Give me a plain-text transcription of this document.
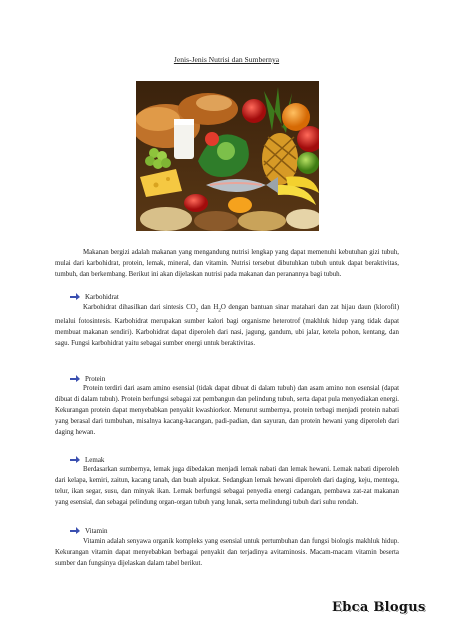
Jenis-Jenis Nutrisi dan Sumbernya
Makanan bergizi adalah makanan yang mengandung nutrisi lengkap yang dapat memenuhi kebutuhan gizi tubuh, mulai dari karbohidrat, protein, lemak, mineral, dan vitamin. Nutrisi tersebut dibutuhkan tubuh untuk dapat beraktivitas, tumbuh, dan berkembang. Berikut ini akan dijelaskan nutrisi pada makanan dan peranannya bagi tubuh.
Karbohidrat
Karbohidrat dihasilkan dari sintesis $CO_2$ dan $H_2O$ dengan bantuan sinar matahari dan zat hijau daun (klorofil) melalui fotosintesis. Karbohidrat merupakan sumber kalori bagi organisme heterotrof (makhluk hidup yang tidak dapat membuat makanan sendiri). Karbohidrat dapat diperoleh dari nasi, jagung, gandum, ubi jalar, ketela pohon, kentang, dan sagu. Fungsi karbohidrat yaitu sebagai sumber energi untuk beraktivitas.
Protein
Protein terdiri dari asam amino esensial (tidak dapat dibuat di dalam tubuh) dan asam amino non esensial (dapat dibuat di dalam tubuh). Protein berfungsi sebagai zat pembangun dan pelindung tubuh, serta dapat pula menyediakan energi. Kekurangan protein dapat menyebabkan penyakit kwashiorkor. Menurut sumbernya, protein terbagi menjadi protein nabati yang berasal dari tumbuhan, misalnya kacang-kacangan, padi-padian, dan sayuran, dan protein hewani yang diperoleh dari daging hewan.
Lemak
Berdasarkan sumbernya, lemak juga dibedakan menjadi lemak nabati dan lemak hewani. Lemak nabati diperoleh dari kelapa, kemiri, zaitun, kacang tanah, dan buah alpukat. Sedangkan lemak hewani diperoleh dari daging, keju, mentega, telur, ikan segar, susu, dan minyak ikan. Lemak berfungsi sebagai penyedia energi cadangan, pembawa zat-zat makanan yang esensial, dan sebagai pelindung organ-organ tubuh yang lunak, serta melindungi tubuh dari suhu rendah.
Vitamin
Vitamin adalah senyawa organik kompleks yang esensial untuk pertumbuhan dan fungsi biologis makhluk hidup. Kekurangan vitamin dapat menyebabkan berbagai penyakit dan terjadinya avitaminosis. Macam-macam vitamin beserta sumber dan fungsinya dijelaskan dalam tabel berikut.
Ebca Blogus
